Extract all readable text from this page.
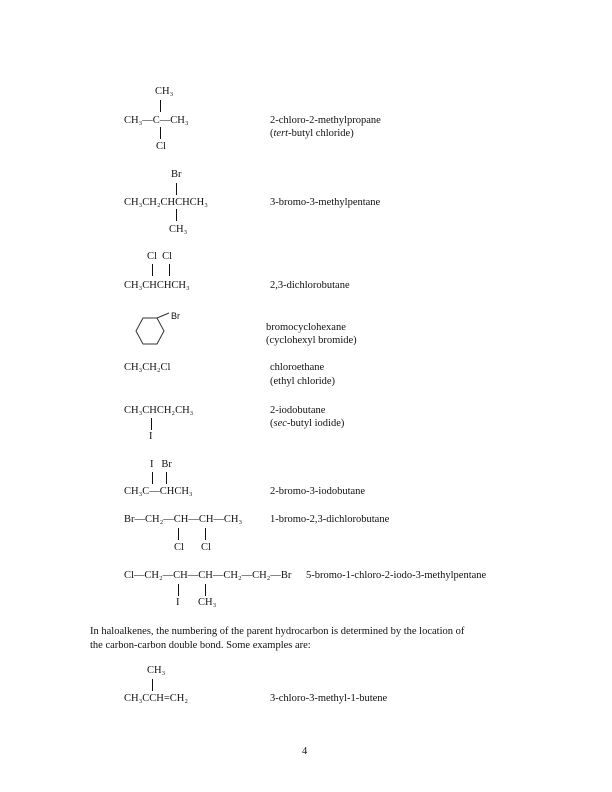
CH₃
CH₃—C—CH₃
Cl
2-chloro-2-methylpropane
(tert-butyl chloride)
Br
CH₃CH₂CHCHCH₃
CH₃
3-bromo-3-methylpentane
Cl  Cl
CH₃CHCHCH₃	2,3-dichlorobutane
Br
bromocyclohexane
(cyclohexyl bromide)
CH₃CH₂Cl	chloroethane
(ethyl chloride)
CH₃CHCH₂CH₃
I
2-iodobutane
(sec-butyl iodide)
I   Br
CH₃C—CHCH₃	2-bromo-3-iodobutane
Br—CH₂—CH—CH—CH₃
Cl Cl
1-bromo-2,3-dichlorobutane
Cl—CH₂—CH—CH—CH₂—CH₂—Br
I CH₃
5-bromo-1-chloro-2-iodo-3-methylpentane
In haloalkenes, the numbering of the parent hydrocarbon is determined by the location of
the carbon-carbon double bond. Some examples are:
CH₃
CH₃CCH=CH₂	3-chloro-3-methyl-1-butene
4
